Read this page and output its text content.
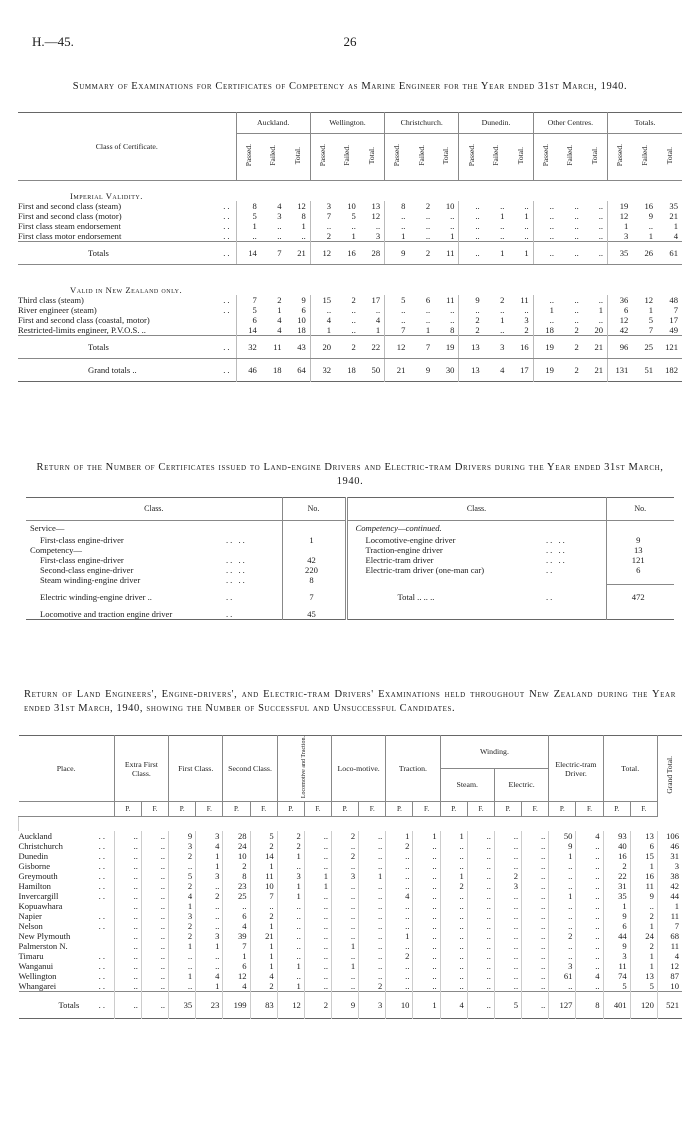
H.—45.	26
Summary of Examinations for Certificates of Competency as Marine Engineer for the Year ended 31st March, 1940.
Class of Certificate.		Auckland.			Wellington.			Christchurch.			Dunedin.			Other Centres.			Totals.		
		Passed.	Failed.	Total.	Passed.	Failed.	Total.	Passed.	Failed.	Total.	Passed.	Failed.	Total.	Passed.	Failed.	Total.	Passed.	Failed.	Total.

Imperial Validity.																			
First and second class (steam)	..	8	4	12	3	10	13	8	2	10	..	..	..	..	..	..	19	16	35
First and second class (motor)	..	5	3	8	7	5	12	..	..	..	..	1	1	..	..	..	12	9	21
First class steam endorsement	..	1	..	1	..	..	..	..	..	..	..	..	..	..	..	..	1	..	1
First class motor endorsement	..	..	..	..	2	1	3	1	..	1	..	..	..	..	..	..	3	1	4
Totals	..	14	7	21	12	16	28	9	2	11	..	1	1	..	..	..	35	26	61

Valid in New Zealand only.																			
Third class (steam)	..	7	2	9	15	2	17	5	6	11	9	2	11	..	..	..	36	12	48
River engineer (steam)	..	5	1	6	..	..	..	..	..	..	..	..	..	1	..	1	6	1	7
First and second class (coastal, motor)		6	4	10	4	..	4	..	..	..	2	1	3	..	..	..	12	5	17
Restricted-limits engineer, P.V.O.S. ..		14	4	18	1	..	1	7	1	8	2	..	2	18	2	20	42	7	49
Totals	..	32	11	43	20	2	22	12	7	19	13	3	16	19	2	21	96	25	121
Grand totals ..	..	46	18	64	32	18	50	21	9	30	13	4	17	19	2	21	131	51	182
Return of the Number of Certificates issued to Land-engine Drivers and Electric-tram Drivers during the Year ended 31st March, 1940.
Class.		No.	Class.		No.
Service—			Competency—continued.		
First-class engine-driver	.. ..	1	Locomotive-engine driver	.. ..	9
Competency—			Traction-engine driver	.. ..	13
First-class engine-driver	.. ..	42	Electric-tram driver	.. ..	121
Second-class engine-driver	.. ..	220	Electric-tram driver (one-man car)	..	6
Steam winding-engine driver	.. ..	8			
Electric winding-engine driver ..	..	7	Total .. .. ..	..	472
Locomotive and traction engine driver	..	45			
Return of Land Engineers', Engine-drivers', and Electric-tram Drivers' Examinations held throughout New Zealand during the Year ended 31st March, 1940, showing the Number of Successful and Unsuccessful Candidates.
Place.		Extra First Class.		First Class.		Second Class.		Locomotive and Traction.		Loco-motive.		Traction.		Winding.				Electric-tram Driver.		Total.		Grand Total.
														Steam.		Electric.						
		P.	F.	P.	F.	P.	F.	P.	F.	P.	F.	P.	F.	P.	F.	P.	F.	P.	F.	P.	F.	

Auckland	..	..	..	9	3	28	5	2	..	2	..	1	1	1	..	..	..	50	4	93	13	106
Christchurch	..	..	..	3	4	24	2	2	..	..	..	2	..	..	..	..	..	9	..	40	6	46
Dunedin	..	..	..	2	1	10	14	1	..	2	..	..	..	..	..	..	..	1	..	16	15	31
Gisborne	..	..	..	..	1	2	1	..	..	..	..	..	..	..	..	..	..	..	..	2	1	3
Greymouth	..	..	..	5	3	8	11	3	1	3	1	..	..	1	..	2	..	..	..	22	16	38
Hamilton	..	..	..	2	..	23	10	1	1	..	..	..	..	2	..	3	..	..	..	31	11	42
Invercargill	..	..	..	4	2	25	7	1	..	..	..	4	..	..	..	..	..	1	..	35	9	44
Kopuawhara		..	..	1	..	..	..	..	..	..	..	..	..	..	..	..	..	..	..	1	..	1
Napier	..	..	..	3	..	6	2	..	..	..	..	..	..	..	..	..	..	..	..	9	2	11
Nelson	..	..	..	2	..	4	1	..	..	..	..	..	..	..	..	..	..	..	..	6	1	7
New Plymouth		..	..	2	3	39	21	..	..	..	..	1	..	..	..	..	..	2	..	44	24	68
Palmerston N.		..	..	1	1	7	1	..	..	1	..	..	..	..	..	..	..	..	..	9	2	11
Timaru	..	..	..	..	..	1	1	..	..	..	..	2	..	..	..	..	..	..	..	3	1	4
Wanganui	..	..	..	..	..	6	1	1	..	1	..	..	..	..	..	..	..	3	..	11	1	12
Wellington	..	..	..	1	4	12	4	..	..	..	..	..	..	..	..	..	..	61	4	74	13	87
Whangarei	..	..	..	..	1	4	2	1	..	..	2	..	..	..	..	..	..	..	..	5	5	10
Totals	..	..	..	35	23	199	83	12	2	9	3	10	1	4	..	5	..	127	8	401	120	521
